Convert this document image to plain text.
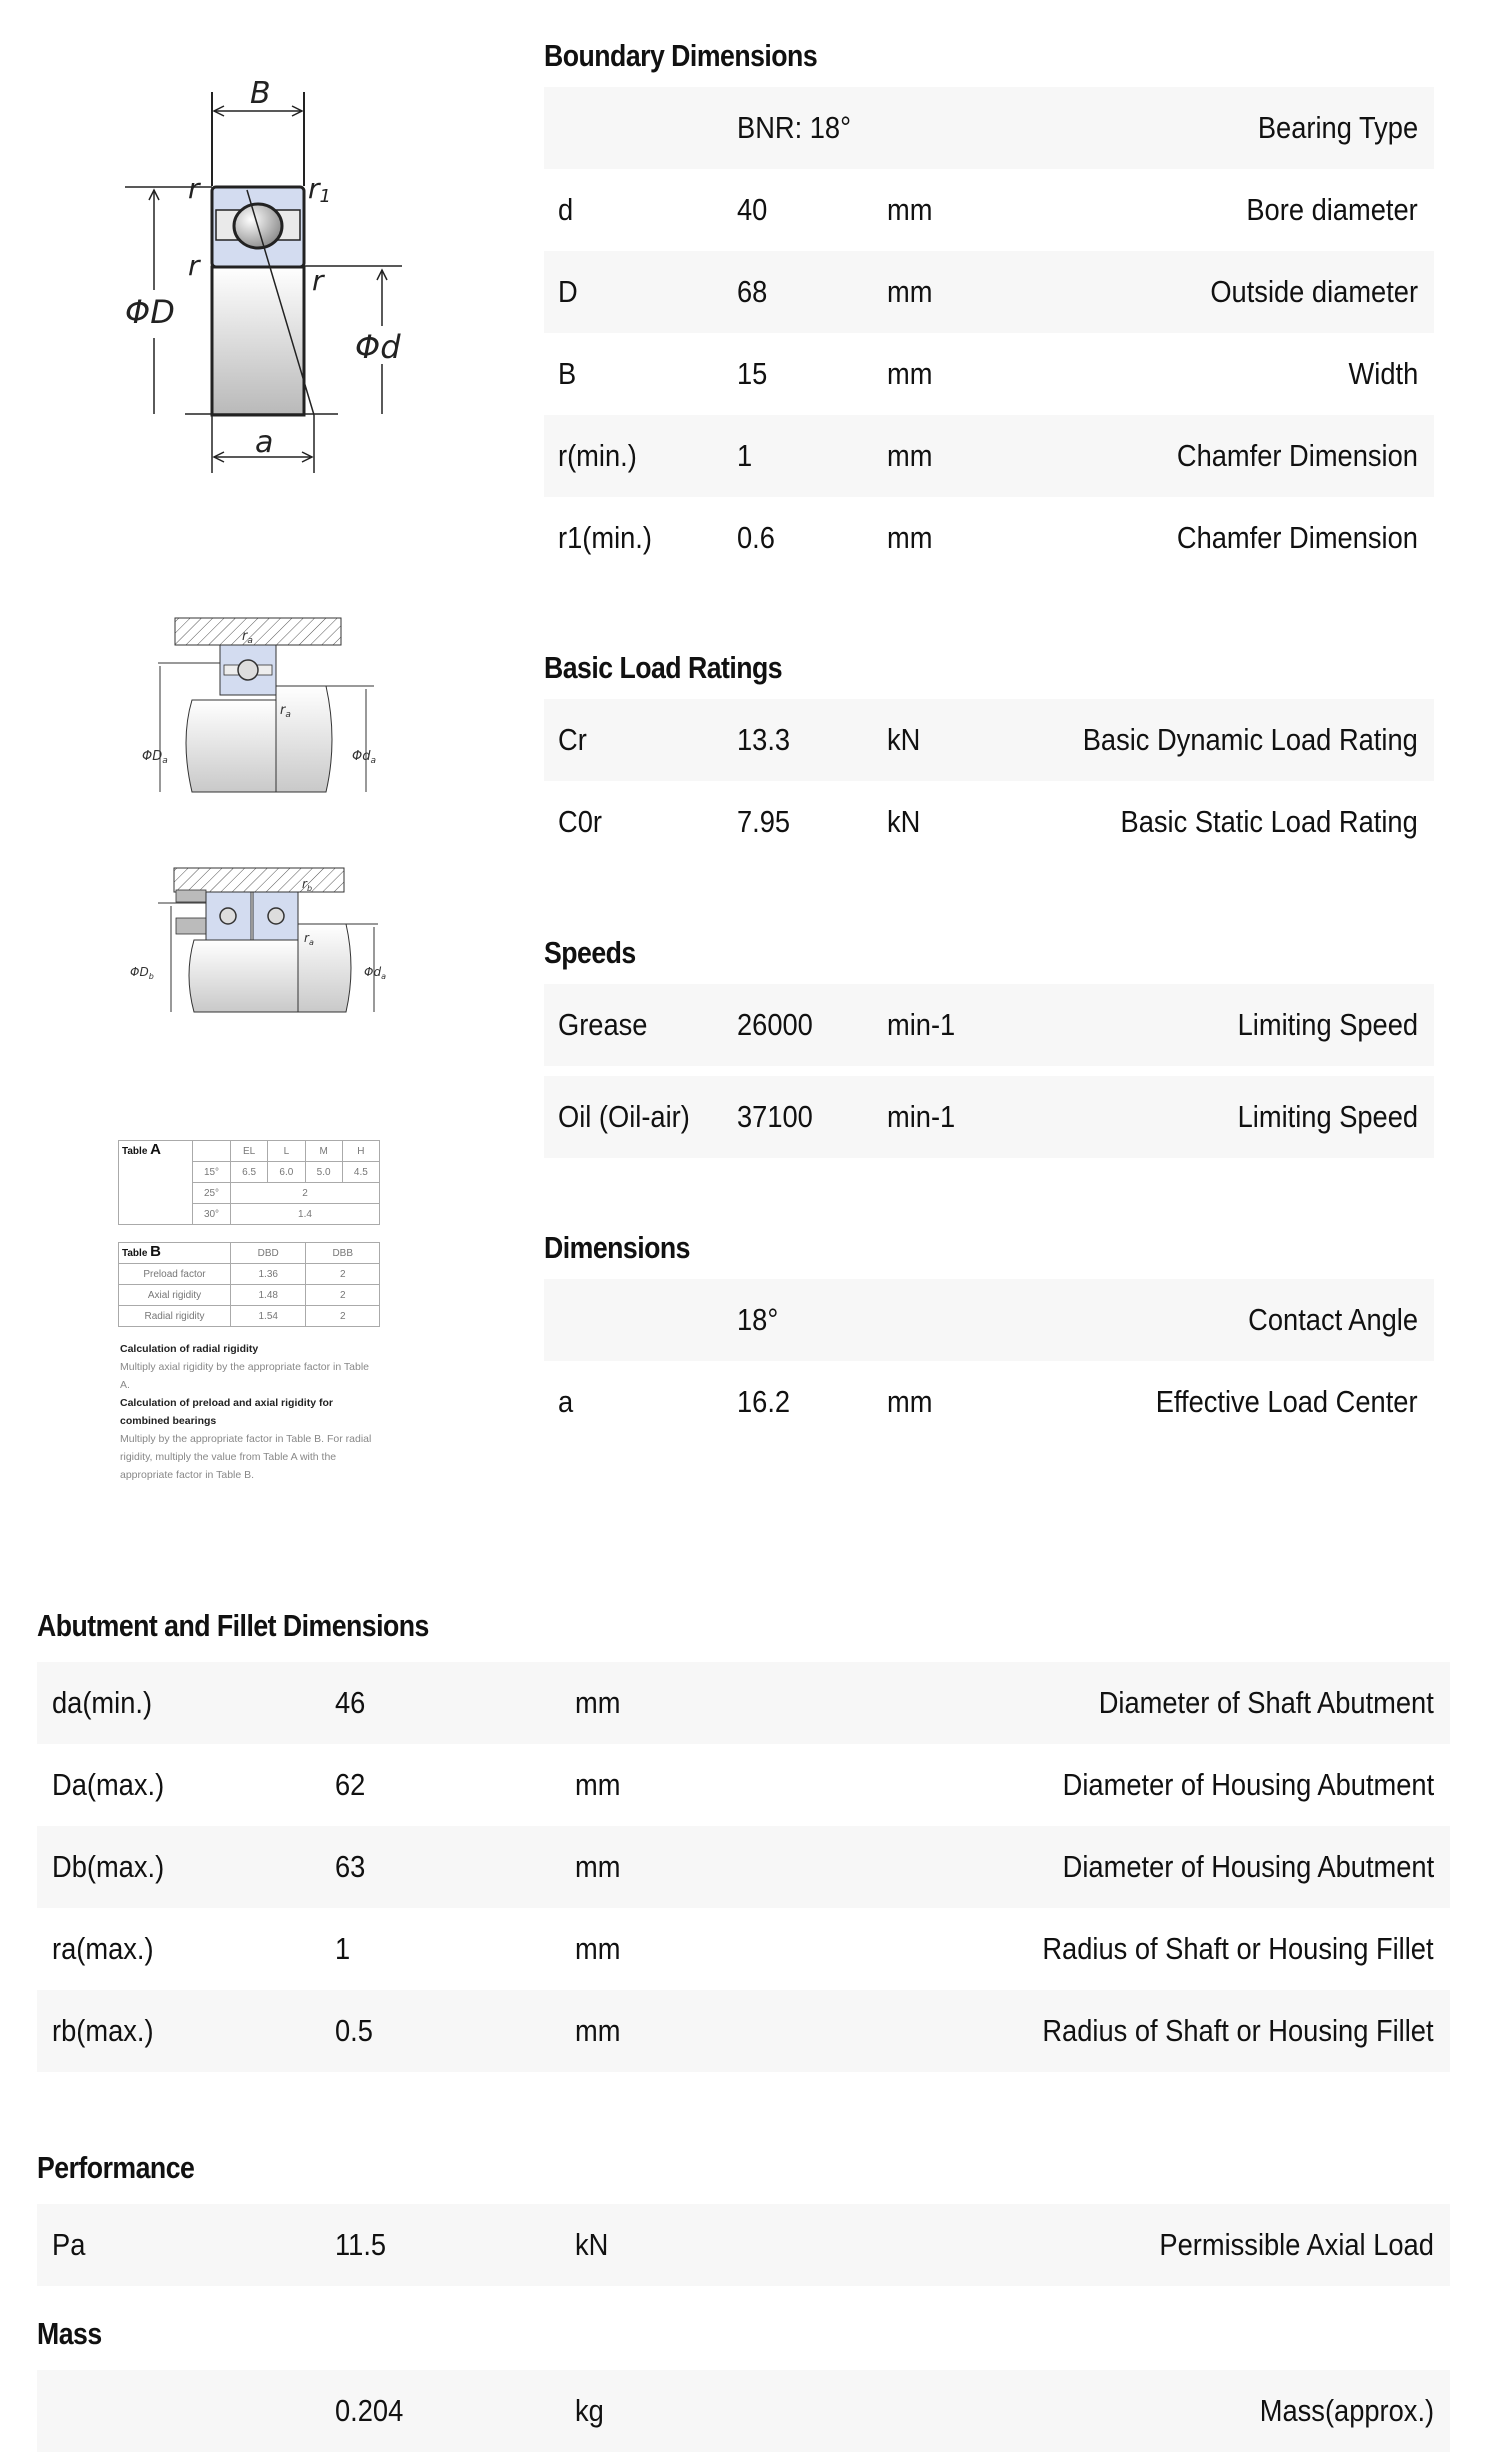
B
r	r1
r	r
ΦD
Φd
a
$r_a$
$r_a$
$\Phi D_a$	$\Phi d_a$
$r_b$
$r_a$
$\Phi D_b$	$\Phi d_a$
Table A		EL	L	M	H
	15°	6.5	6.0	5.0	4.5
	25°	2			
	30°	1.4			
Table B	DBD	DBB
Preload factor	1.36	2
Axial rigidity	1.48	2
Radial rigidity	1.54	2
Calculation of radial rigidity
Multiply axial rigidity by the appropriate factor in Table A.
Calculation of preload and axial rigidity for combined bearings
Multiply by the appropriate factor in Table B. For radial rigidity, multiply the value from Table A with the appropriate factor in Table B.
Boundary Dimensions
BNR: 18°	Bearing Type
d	40	mm	Bore diameter
D	68	mm	Outside diameter
B	15	mm	Width
r(min.)	1	mm	Chamfer Dimension
r1(min.)	0.6	mm	Chamfer Dimension
Basic Load Ratings
Cr	13.3	kN	Basic Dynamic Load Rating
C0r	7.95	kN	Basic Static Load Rating
Speeds
Grease	26000 min-1	Limiting Speed
Oil (Oil-air) 37100 min-1	Limiting Speed
Dimensions
18°	Contact Angle
a	16.2	mm	Effective Load Center
Abutment and Fillet Dimensions
da(min.)	46	mm	Diameter of Shaft Abutment
Da(max.)	62	mm	Diameter of Housing Abutment
Db(max.)	63	mm	Diameter of Housing Abutment
ra(max.)	1	mm	Radius of Shaft or Housing Fillet
rb(max.)	0.5	mm	Radius of Shaft or Housing Fillet
Performance
Pa	11.5	kN	Permissible Axial Load
Mass
0.204	kg	Mass(approx.)
